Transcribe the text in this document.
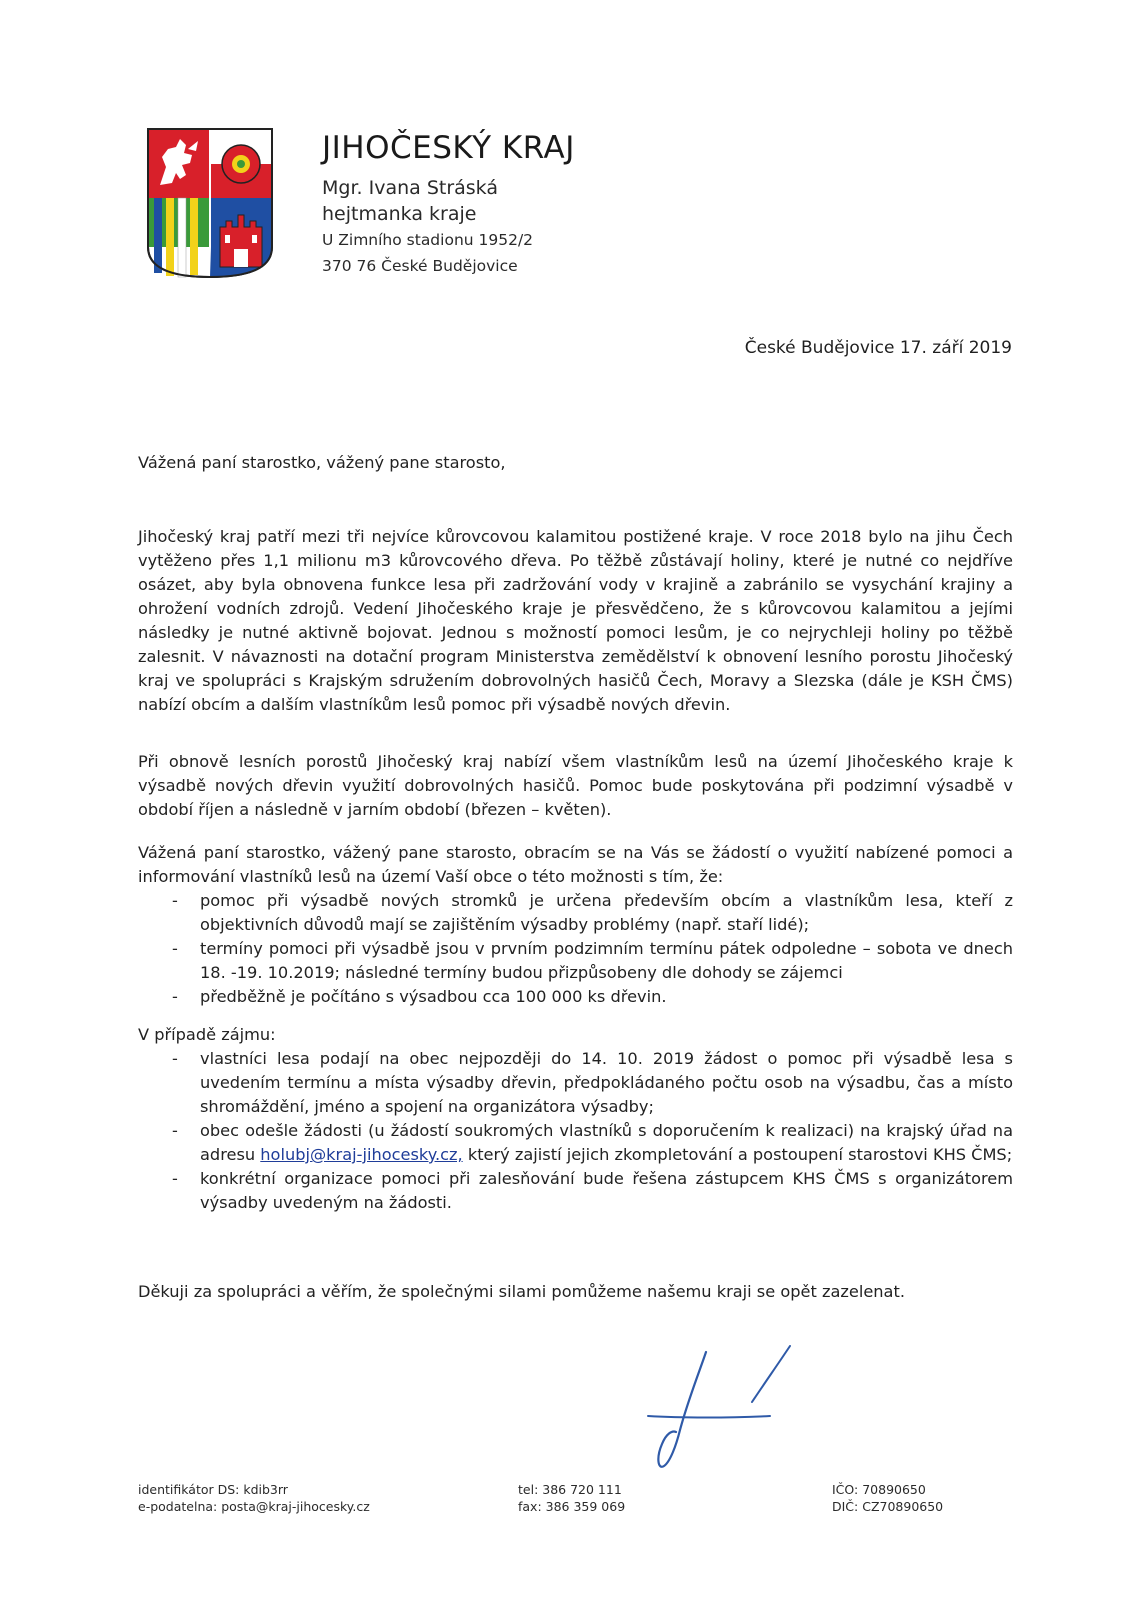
JIHOČESKÝ KRAJ
Mgr. Ivana Stráská
hejtmanka kraje
U Zimního stadionu 1952/2
370 76 České Budějovice
České Budějovice 17. září 2019
Vážená paní starostko, vážený pane starosto,
Jihočeský kraj patří mezi tři nejvíce kůrovcovou kalamitou postižené kraje. V roce 2018 bylo na jihu Čech vytěženo přes 1,1 milionu m3 kůrovcového dřeva. Po těžbě zůstávají holiny, které je nutné co nejdříve osázet, aby byla obnovena funkce lesa při zadržování vody v krajině a zabránilo se vysychání krajiny a ohrožení vodních zdrojů. Vedení Jihočeského kraje je přesvědčeno, že s kůrovcovou kalamitou a jejími následky je nutné aktivně bojovat. Jednou s možností pomoci lesům, je co nejrychleji holiny po těžbě zalesnit. V návaznosti na dotační program Ministerstva zemědělství k obnovení lesního porostu Jihočeský kraj ve spolupráci s Krajským sdružením dobrovolných hasičů Čech, Moravy a Slezska (dále je KSH ČMS) nabízí obcím a dalším vlastníkům lesů pomoc při výsadbě nových dřevin.
Při obnově lesních porostů Jihočeský kraj nabízí všem vlastníkům lesů na území Jihočeského kraje k výsadbě nových dřevin využití dobrovolných hasičů. Pomoc bude poskytována při podzimní výsadbě v období říjen a následně v jarním období (březen – květen).
Vážená paní starostko, vážený pane starosto, obracím se na Vás se žádostí o využití nabízené pomoci a informování vlastníků lesů na území Vaší obce o této možnosti s tím, že:
- pomoc při výsadbě nových stromků je určena především obcím a vlastníkům lesa, kteří z objektivních důvodů mají se zajištěním výsadby problémy (např. staří lidé);
- termíny pomoci při výsadbě jsou v prvním podzimním termínu pátek odpoledne – sobota ve dnech 18. -19. 10.2019; následné termíny budou přizpůsobeny dle dohody se zájemci
- předběžně je počítáno s výsadbou cca 100 000 ks dřevin.
V případě zájmu:
- vlastníci lesa podají na obec nejpozději do 14. 10. 2019 žádost o pomoc při výsadbě lesa s uvedením termínu a místa výsadby dřevin, předpokládaného počtu osob na výsadbu, čas a místo shromáždění, jméno a spojení na organizátora výsadby;
- obec odešle žádosti (u žádostí soukromých vlastníků s doporučením k realizaci) na krajský úřad na adresu holubj@kraj-jihocesky.cz, který zajistí jejich zkompletování a postoupení starostovi KHS ČMS;
- konkrétní organizace pomoci při zalesňování bude řešena zástupcem KHS ČMS s organizátorem výsadby uvedeným na žádosti.
Děkuji za spolupráci a věřím, že společnými silami pomůžeme našemu kraji se opět zazelenat.
identifikátor DS: kdib3rr
e-podatelna: posta@kraj-jihocesky.cz
tel: 386 720 111
fax: 386 359 069
IČO: 70890650
DIČ: CZ70890650
